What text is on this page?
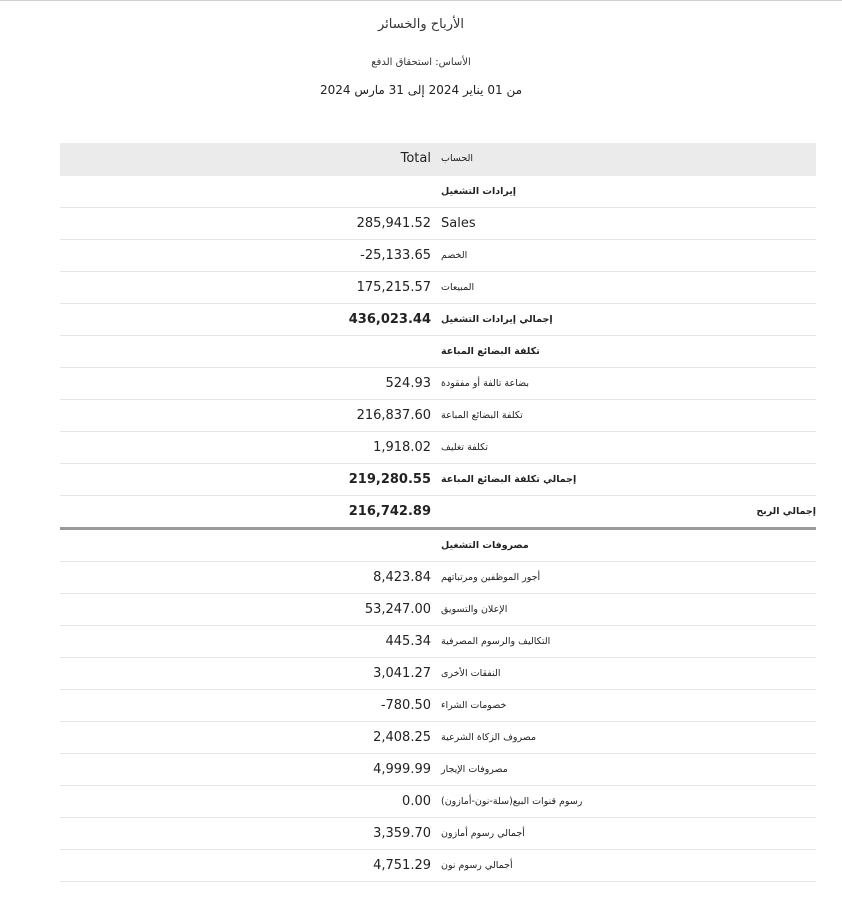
الأرباح والخسائر
الأساس: استحقاق الدفع
من 01 يناير 2024 إلى 31 مارس 2024
Total الحساب
إيرادات التشغيل
285,941.52 Sales
-25,133.65 الخصم
175,215.57 المبيعات
436,023.44 إجمالي إيرادات التشغيل
تكلفة البضائع المباعة
524.93 بضاعة تالفة أو مفقودة
216,837.60 تكلفة البضائع المباعة
1,918.02 تكلفة تغليف
219,280.55 إجمالي تكلفة البضائع المباعة
216,742.89	إجمالي الربح
مصروفات التشغيل
8,423.84 أجور الموظفين ومرتباتهم
53,247.00 الإعلان والتسويق
445.34 التكاليف والرسوم المصرفية
3,041.27 النفقات الأخرى
-780.50 خصومات الشراء
2,408.25 مصروف الزكاة الشرعية
4,999.99 مصروفات الإيجار
0.00 رسوم قنوات البيع(سلة-نون-أمازون)
3,359.70 أجمالي رسوم أمازون
4,751.29 أجمالي رسوم نون
